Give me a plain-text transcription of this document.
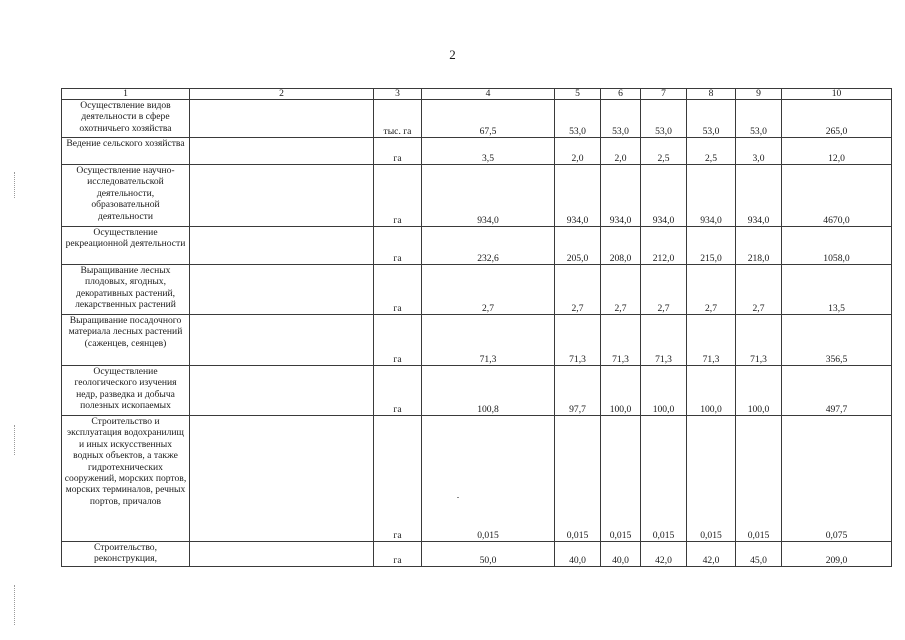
2
1	2	3	4	5	6	7	8	9	10
Осуществление видов деятельности в сфере охотничьего хозяйства		тыс. га	67,5	53,0	53,0	53,0	53,0	53,0	265,0
Ведение сельского хозяйства		га	3,5	2,0	2,0	2,5	2,5	3,0	12,0
Осуществление научно-исследовательской деятельности, образовательной деятельности		га	934,0	934,0	934,0	934,0	934,0	934,0	4670,0
Осуществление рекреационной деятельности		га	232,6	205,0	208,0	212,0	215,0	218,0	1058,0
Выращивание лесных плодовых, ягодных, декоративных растений, лекарственных растений		га	2,7	2,7	2,7	2,7	2,7	2,7	13,5
Выращивание посадочного материала лесных растений (саженцев, сеянцев)		га	71,3	71,3	71,3	71,3	71,3	71,3	356,5
Осуществление геологического изучения недр, разведка и добыча полезных ископаемых		га	100,8	97,7	100,0	100,0	100,0	100,0	497,7
Строительство и эксплуатация водохранилищ и иных искусственных водных объектов, а также гидротехнических сооружений, морских портов, морских терминалов, речных портов, причалов		га	0,015	0,015	0,015	0,015	0,015	0,015	0,075
Строительство, реконструкция,		га	50,0	40,0	40,0	42,0	42,0	45,0	209,0
